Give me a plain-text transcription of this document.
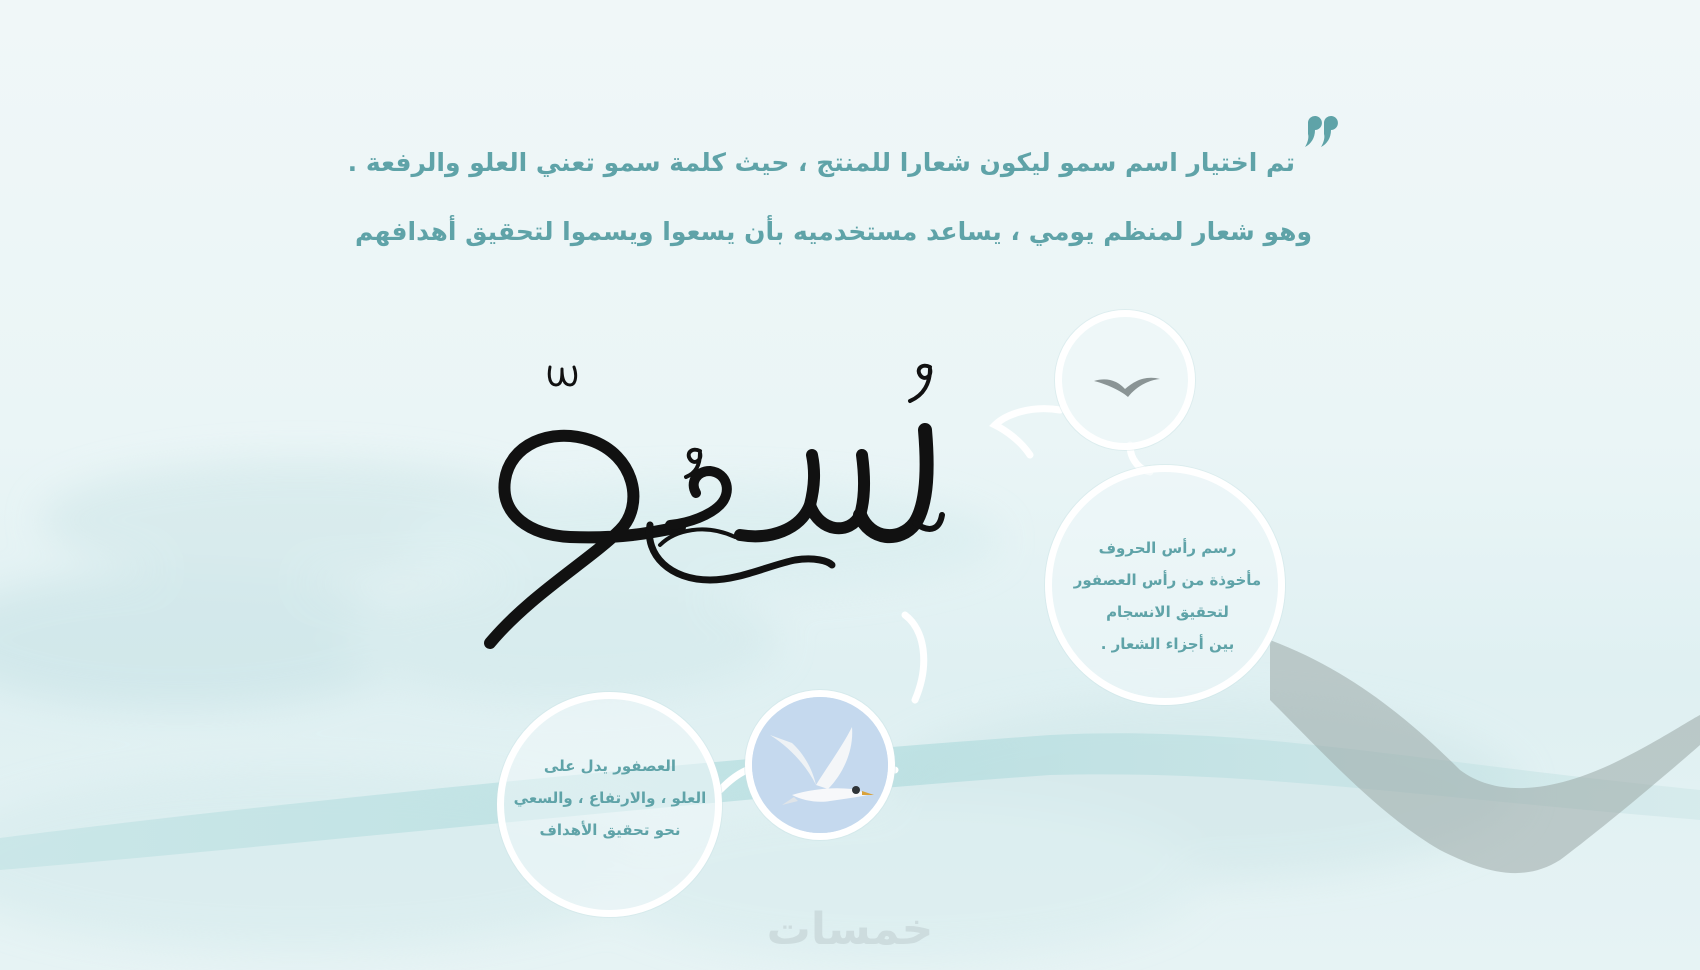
تم اختيار اسم سمو ليكون شعارا للمنتج ، حيث كلمة سمو تعني العلو والرفعة .
وهو شعار لمنظم يومي ، يساعد مستخدميه بأن يسعوا ويسموا لتحقيق أهدافهم
رسم رأس الحروف
مأخوذة من رأس العصفور
لتحقيق الانسجام
بين أجزاء الشعار .
العصفور يدل على
العلو ، والارتفاع ، والسعي
نحو تحقيق الأهداف
خمسات
